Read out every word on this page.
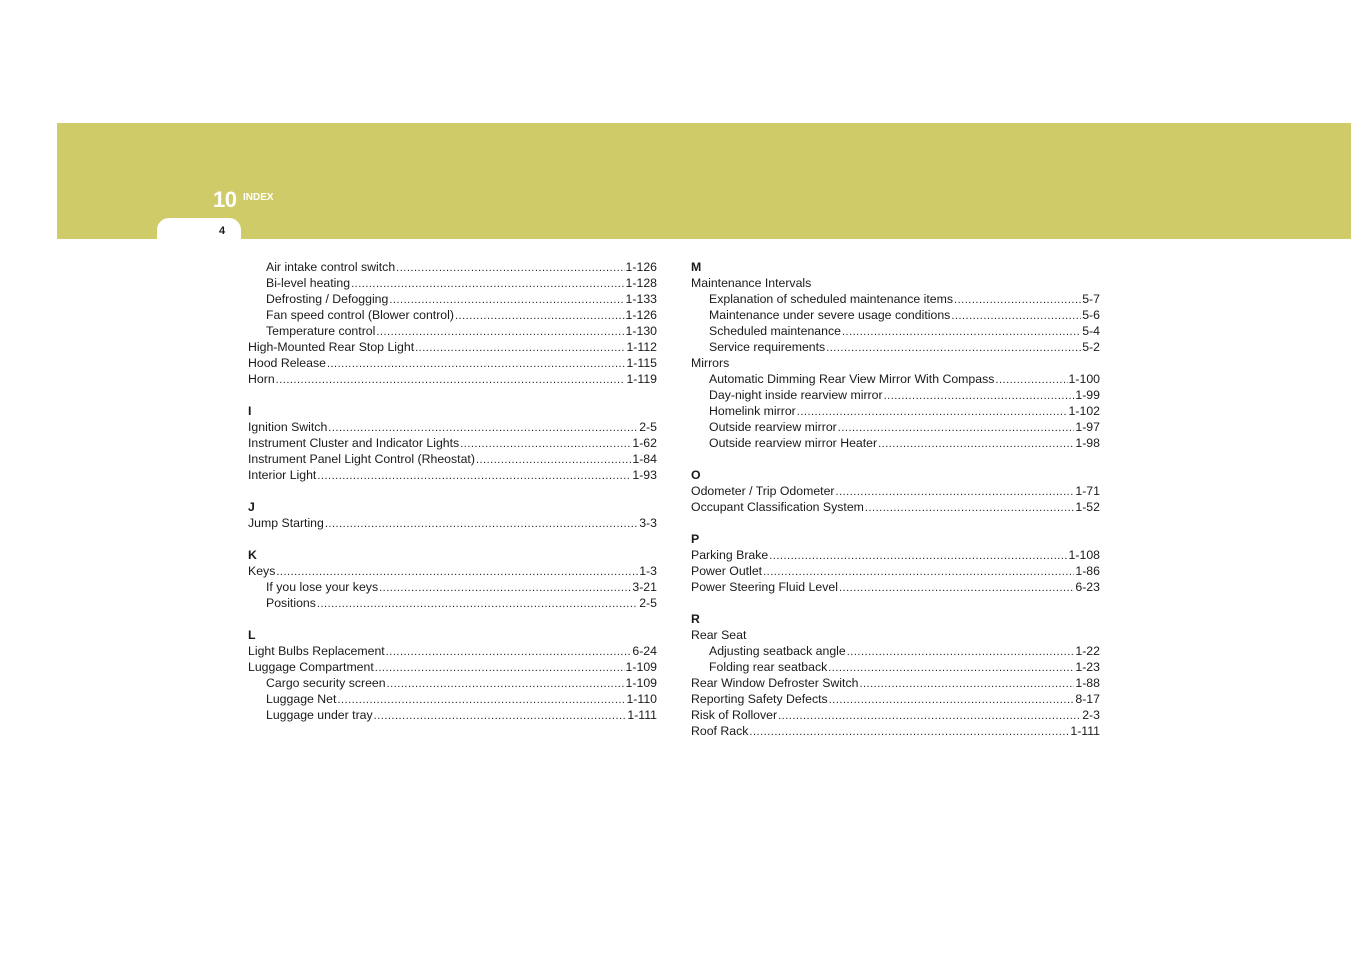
10 INDEX
4
Air intake control switch .....	1-126
Bi-level heating .....	1-128
Defrosting / Defogging .....	1-133
Fan speed control (Blower control) .....	1-126
Temperature control .....	1-130
High-Mounted Rear Stop Light .....	1-112
Hood Release .....	1-115
Horn .....	1-119
I
Ignition Switch .....	2-5
Instrument Cluster and Indicator Lights .....	1-62
Instrument Panel Light Control (Rheostat) .....	1-84
Interior Light .....	1-93
J
Jump Starting .....	3-3
K
Keys .....	1-3
If you lose your keys .....	3-21
Positions .....	2-5
L
Light Bulbs Replacement .....	6-24
Luggage Compartment .....	1-109
Cargo security screen .....	1-109
Luggage Net .....	1-110
Luggage under tray .....	1-111
M
Maintenance Intervals
Explanation of scheduled maintenance items .....	5-7
Maintenance under severe usage conditions .....	5-6
Scheduled maintenance .....	5-4
Service requirements .....	5-2
Mirrors
Automatic Dimming Rear View Mirror With Compass .....	1-100
Day-night inside rearview mirror .....	1-99
Homelink mirror .....	1-102
Outside rearview mirror .....	1-97
Outside rearview mirror Heater .....	1-98
O
Odometer / Trip Odometer .....	1-71
Occupant Classification System .....	1-52
P
Parking Brake .....	1-108
Power Outlet .....	1-86
Power Steering Fluid Level .....	6-23
R
Rear Seat
Adjusting seatback angle .....	1-22
Folding rear seatback .....	1-23
Rear Window Defroster Switch .....	1-88
Reporting Safety Defects .....	8-17
Risk of Rollover .....	2-3
Roof Rack .....	1-111
